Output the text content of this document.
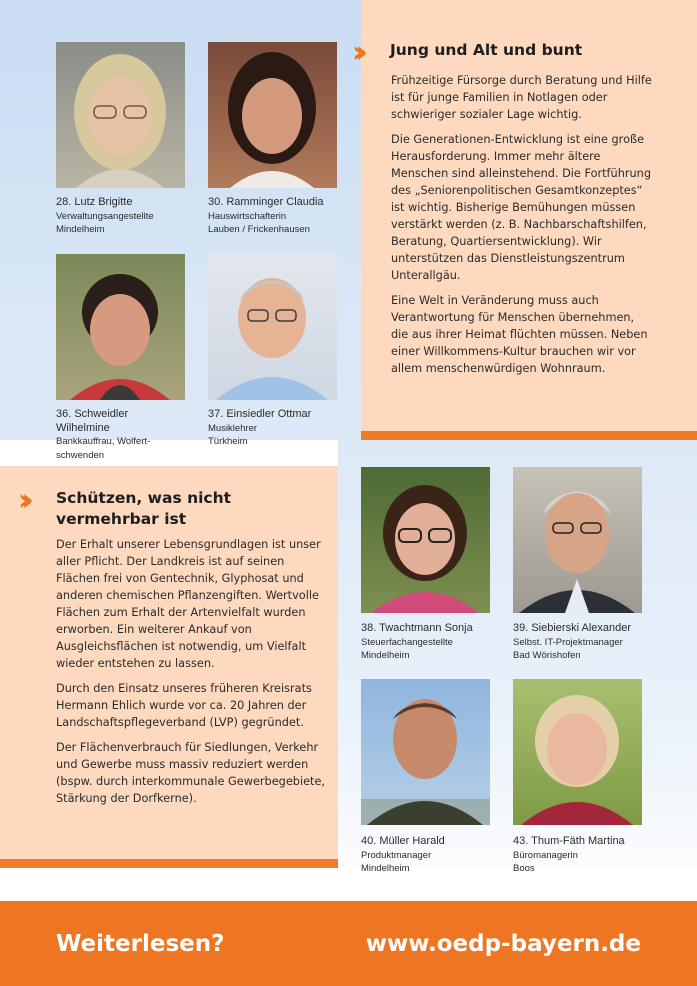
28. Lutz Brigitte
Verwaltungsangestellte
Mindelheim
30. Ramminger Claudia
Hauswirtschafterin
Lauben / Frickenhausen
36. Schweidler
Wilhelmine
Bankkauffrau, Wolfert-
schwenden
37. Einsiedler Ottmar
Musiklehrer
Türkheim
38. Twachtmann Sonja
Steuerfachangestellte
Mindelheim
39. Siebierski Alexander
Selbst. IT-Projektmanager
Bad Wörishofen
40. Müller Harald
Produktmanager
Mindelheim
43. Thum-Fäth Martina
Büromanagerin
Boos
››	Jung und Alt und bunt

Frühzeitige Fürsorge durch Beratung und Hilfe ist für junge Familien in Notlagen oder schwieriger sozialer Lage wichtig.

Die Generationen-Entwicklung ist eine große Herausforderung. Immer mehr ältere Menschen sind alleinstehend. Die Fortführung des „Seniorenpolitischen Gesamtkonzeptes“ ist wichtig. Bisherige Bemühungen müssen verstärkt werden (z. B. Nachbarschaftshilfen, Beratung, Quartiersentwicklung). Wir unterstützen das Dienstleistungszentrum Unterallgäu.

Eine Welt in Veränderung muss auch Verantwortung für Menschen übernehmen, die aus ihrer Heimat flüchten müssen. Neben einer Willkommens-Kultur brauchen wir vor allem menschenwürdigen Wohnraum.

››	Schützen, was nicht
vermehrbar ist

Der Erhalt unserer Lebensgrundlagen ist unser aller Pflicht. Der Landkreis ist auf seinen Flächen frei von Gentechnik, Glyphosat und anderen chemischen Pflanzengiften. Wertvolle Flächen zum Erhalt der Artenvielfalt wurden erworben. Ein weiterer Ankauf von Ausgleichsflächen ist notwendig, um Vielfalt wieder entstehen zu lassen.

Durch den Einsatz unseres früheren Kreisrats Hermann Ehlich wurde vor ca. 20 Jahren der Landschaftspflegeverband (LVP) gegründet.

Der Flächenverbrauch für Siedlungen, Verkehr und Gewerbe muss massiv reduziert werden (bspw. durch interkommunale Gewerbegebiete, Stärkung der Dorfkerne).

Weiterlesen?	www.oedp-bayern.de
